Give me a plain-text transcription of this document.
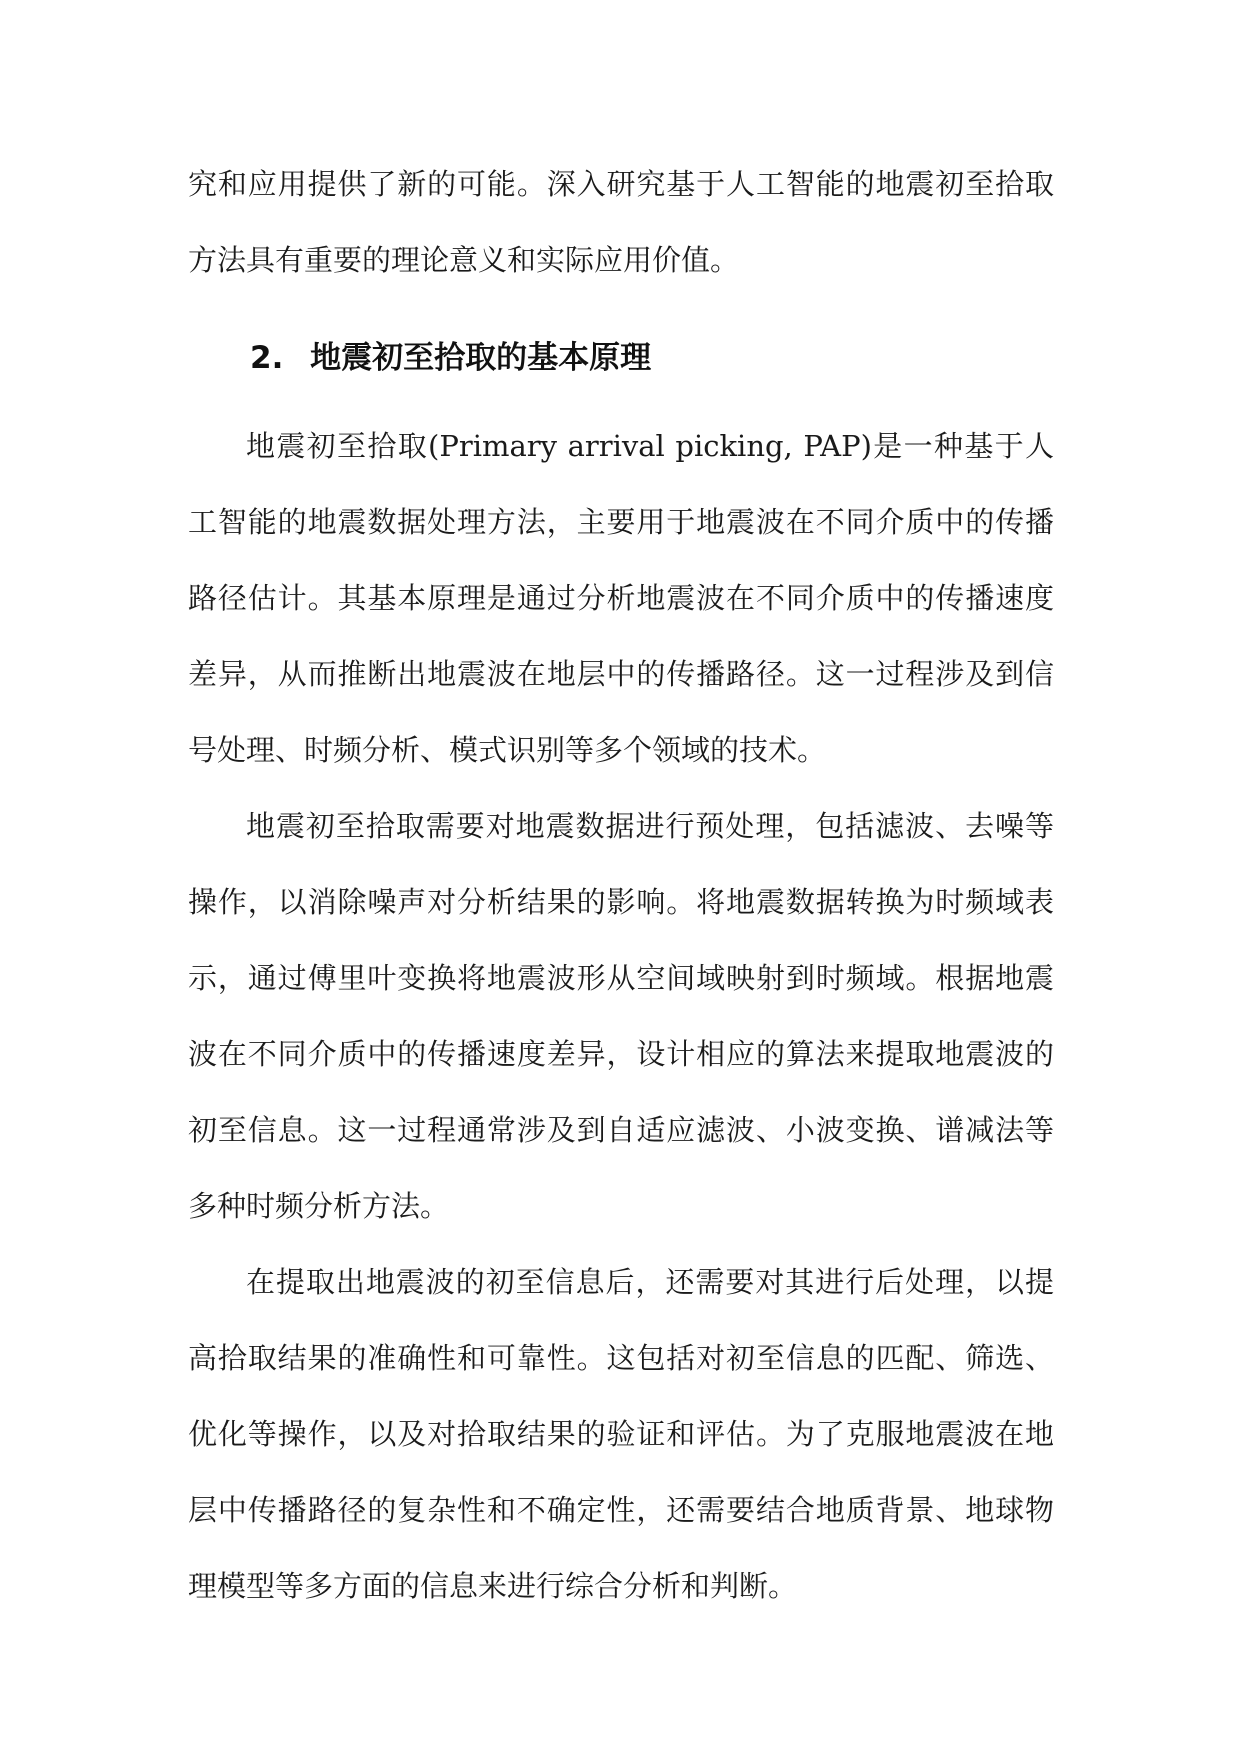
究和应用提供了新的可能。深入研究基于人工智能的地震初至拾取方法具有重要的理论意义和实际应用价值。

2. 地震初至拾取的基本原理

地震初至拾取(Primary arrival picking, PAP)是一种基于人工智能的地震数据处理方法，主要用于地震波在不同介质中的传播路径估计。其基本原理是通过分析地震波在不同介质中的传播速度差异，从而推断出地震波在地层中的传播路径。这一过程涉及到信号处理、时频分析、模式识别等多个领域的技术。

地震初至拾取需要对地震数据进行预处理，包括滤波、去噪等操作，以消除噪声对分析结果的影响。将地震数据转换为时频域表示，通过傅里叶变换将地震波形从空间域映射到时频域。根据地震波在不同介质中的传播速度差异，设计相应的算法来提取地震波的初至信息。这一过程通常涉及到自适应滤波、小波变换、谱减法等多种时频分析方法。

在提取出地震波的初至信息后，还需要对其进行后处理，以提高拾取结果的准确性和可靠性。这包括对初至信息的匹配、筛选、优化等操作，以及对拾取结果的验证和评估。为了克服地震波在地层中传播路径的复杂性和不确定性，还需要结合地质背景、地球物理模型等多方面的信息来进行综合分析和判断。
